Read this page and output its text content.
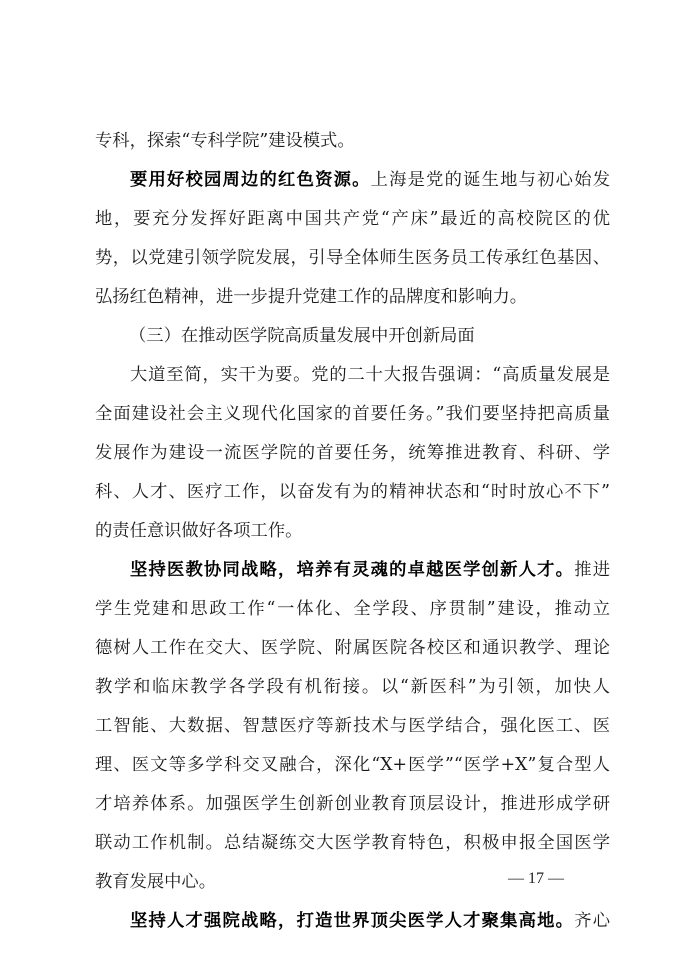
专科，探索“专科学院”建设模式。
要用好校园周边的红色资源。上海是党的诞生地与初心始发
地，要充分发挥好距离中国共产党“产床”最近的高校院区的优
势，以党建引领学院发展，引导全体师生医务员工传承红色基因、
弘扬红色精神，进一步提升党建工作的品牌度和影响力。
（三）在推动医学院高质量发展中开创新局面
大道至简，实干为要。党的二十大报告强调：“高质量发展是
全面建设社会主义现代化国家的首要任务。”我们要坚持把高质量
发展作为建设一流医学院的首要任务，统筹推进教育、科研、学
科、人才、医疗工作，以奋发有为的精神状态和“时时放心不下”
的责任意识做好各项工作。
坚持医教协同战略，培养有灵魂的卓越医学创新人才。推进
学生党建和思政工作“一体化、全学段、序贯制”建设，推动立
德树人工作在交大、医学院、附属医院各校区和通识教学、理论
教学和临床教学各学段有机衔接。以“新医科”为引领，加快人
工智能、大数据、智慧医疗等新技术与医学结合，强化医工、医
理、医文等多学科交叉融合，深化“X+医学”“医学+X”复合型人
才培养体系。加强医学生创新创业教育顶层设计，推进形成学研
联动工作机制。总结凝练交大医学教育特色，积极申报全国医学
教育发展中心。
坚持人才强院战略，打造世界顶尖医学人才聚集高地。齐心
— 17 —
